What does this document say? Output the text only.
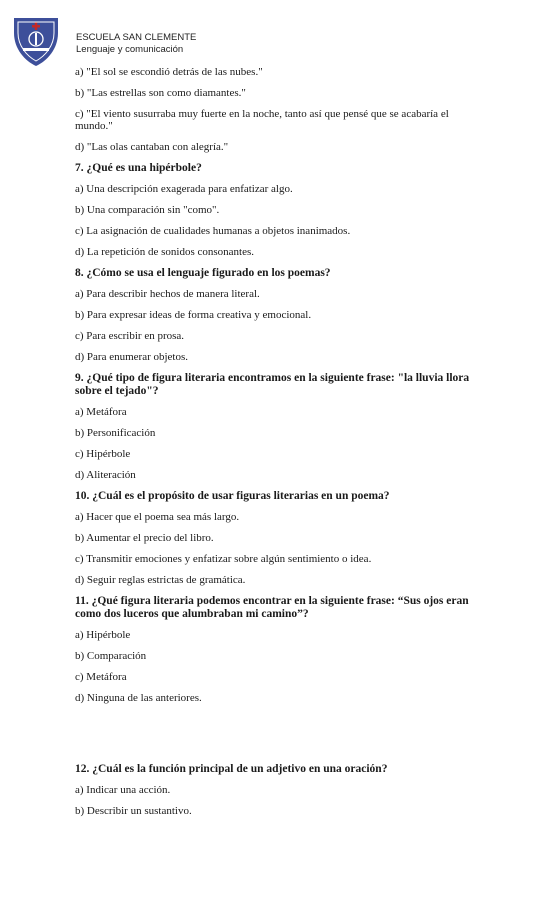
ESCUELA SAN CLEMENTE
Lenguaje y comunicación

a) "El sol se escondió detrás de las nubes."

b) "Las estrellas son como diamantes."

c) "El viento susurraba muy fuerte en la noche, tanto así que pensé que se acabaría el mundo."

d) "Las olas cantaban con alegría."

7. ¿Qué es una hipérbole?

a) Una descripción exagerada para enfatizar algo.

b) Una comparación sin "como".

c) La asignación de cualidades humanas a objetos inanimados.

d) La repetición de sonidos consonantes.

8. ¿Cómo se usa el lenguaje figurado en los poemas?

a) Para describir hechos de manera literal.

b) Para expresar ideas de forma creativa y emocional.

c) Para escribir en prosa.

d) Para enumerar objetos.

9. ¿Qué tipo de figura literaria encontramos en la siguiente frase: "la lluvia llora sobre el tejado"?

a) Metáfora

b) Personificación

c) Hipérbole

d) Aliteración

10. ¿Cuál es el propósito de usar figuras literarias en un poema?

a) Hacer que el poema sea más largo.

b) Aumentar el precio del libro.

c) Transmitir emociones y enfatizar sobre algún sentimiento o idea.

d) Seguir reglas estrictas de gramática.

11. ¿Qué figura literaria podemos encontrar en la siguiente frase: “Sus ojos eran como dos luceros que alumbraban mi camino”?

a) Hipérbole

b) Comparación

c) Metáfora

d) Ninguna de las anteriores.

12. ¿Cuál es la función principal de un adjetivo en una oración?

a) Indicar una acción.

b) Describir un sustantivo.
